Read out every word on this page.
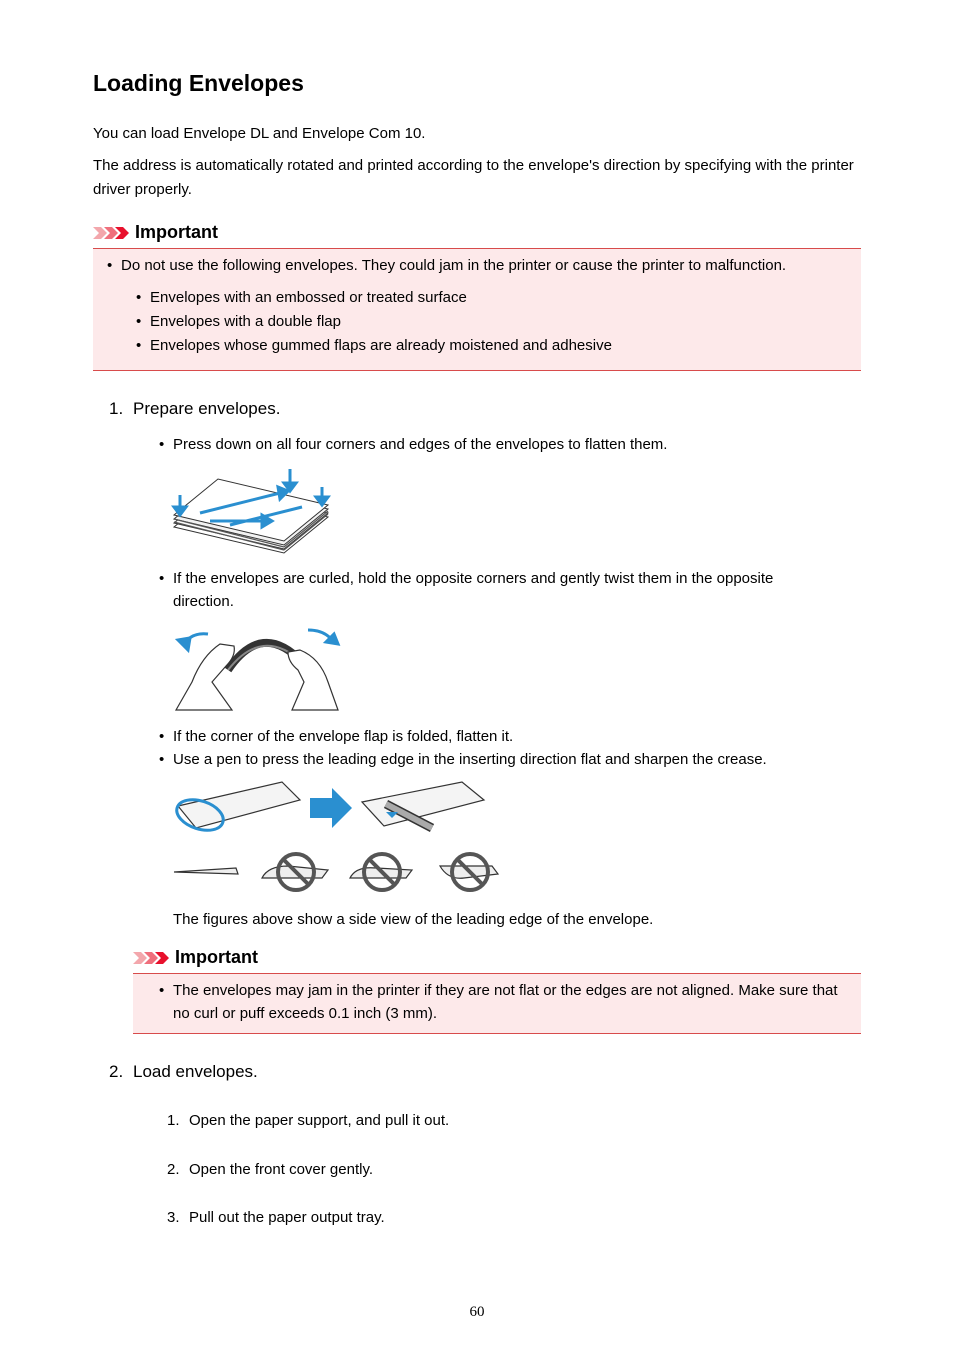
Loading Envelopes
You can load Envelope DL and Envelope Com 10.
The address is automatically rotated and printed according to the envelope's direction by specifying with the printer driver properly.
Important
• Do not use the following envelopes. They could jam in the printer or cause the printer to malfunction.
• Envelopes with an embossed or treated surface
• Envelopes with a double flap
• Envelopes whose gummed flaps are already moistened and adhesive
1. Prepare envelopes.
• Press down on all four corners and edges of the envelopes to flatten them.
• If the envelopes are curled, hold the opposite corners and gently twist them in the opposite direction.
• If the corner of the envelope flap is folded, flatten it.
• Use a pen to press the leading edge in the inserting direction flat and sharpen the crease.
The figures above show a side view of the leading edge of the envelope.
Important
• The envelopes may jam in the printer if they are not flat or the edges are not aligned. Make sure that no curl or puff exceeds 0.1 inch (3 mm).
2. Load envelopes.
1. Open the paper support, and pull it out.
2. Open the front cover gently.
3. Pull out the paper output tray.
60
